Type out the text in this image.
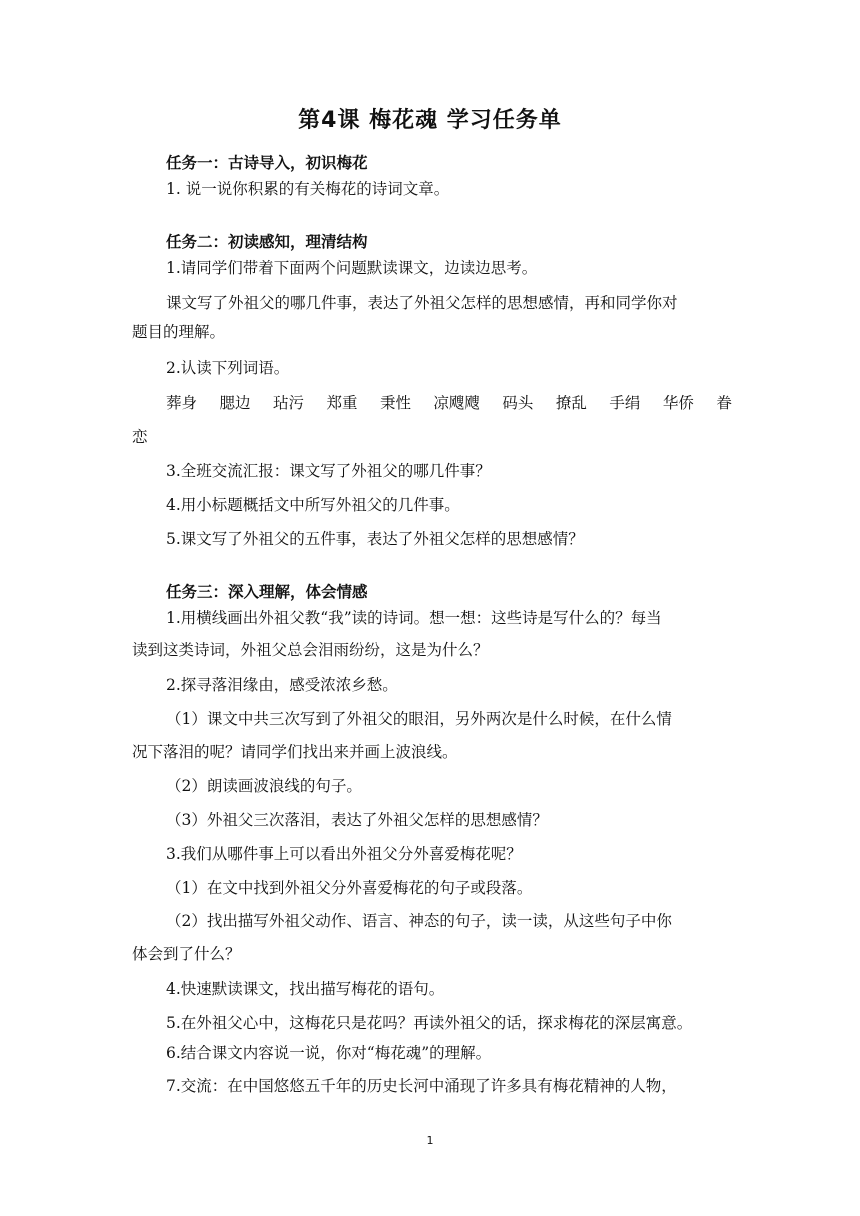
第4课 梅花魂 学习任务单
任务一：古诗导入，初识梅花
1. 说一说你积累的有关梅花的诗词文章。
任务二：初读感知，理清结构
1.请同学们带着下面两个问题默读课文，边读边思考。
课文写了外祖父的哪几件事，表达了外祖父怎样的思想感情，再和同学你对
题目的理解。
2.认读下列词语。
葬身 腮边 玷污 郑重 秉性 凉飕飕 码头 撩乱 手绢 华侨 眷
恋
3.全班交流汇报：课文写了外祖父的哪几件事？
4.用小标题概括文中所写外祖父的几件事。
5.课文写了外祖父的五件事，表达了外祖父怎样的思想感情？
任务三：深入理解，体会情感
1.用横线画出外祖父教“我”读的诗词。想一想：这些诗是写什么的？每当
读到这类诗词，外祖父总会泪雨纷纷，这是为什么？
2.探寻落泪缘由，感受浓浓乡愁。
（1）课文中共三次写到了外祖父的眼泪，另外两次是什么时候，在什么情
况下落泪的呢？请同学们找出来并画上波浪线。
（2）朗读画波浪线的句子。
（3）外祖父三次落泪，表达了外祖父怎样的思想感情？
3.我们从哪件事上可以看出外祖父分外喜爱梅花呢？
（1）在文中找到外祖父分外喜爱梅花的句子或段落。
（2）找出描写外祖父动作、语言、神态的句子，读一读，从这些句子中你
体会到了什么？
4.快速默读课文，找出描写梅花的语句。
5.在外祖父心中，这梅花只是花吗？再读外祖父的话，探求梅花的深层寓意。
6.结合课文内容说一说，你对“梅花魂”的理解。
7.交流：在中国悠悠五千年的历史长河中涌现了许多具有梅花精神的人物，
1
